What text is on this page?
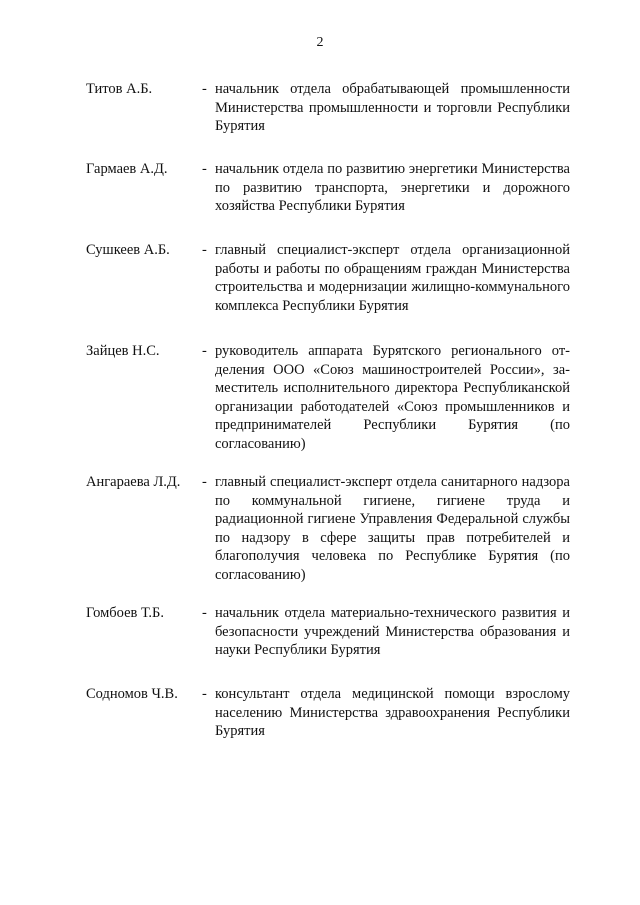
2
Титов А.Б.	- начальник отдела обрабатывающей промышленности Министерства промышленности и торговли Республики Бурятия
Гармаев А.Д.	- начальник отдела по развитию энергетики Министерства по развитию транспорта, энергетики и дорожного хозяйства Республики Бурятия
Сушкеев А.Б.	- главный специалист-эксперт отдела организационной работы и работы по обращениям граждан Министерства строительства и модернизации жилищно-коммунального комплекса Республики Бурятия
Зайцев Н.С.	- руководитель аппарата Бурятского регионального отделения ООО «Союз машиностроителей России», заместитель исполнительного директора Республиканской организации работодателей «Союз промышленников и предпринимателей Республики Бурятия (по согласованию)
Ангараева Л.Д.	- главный специалист-эксперт отдела санитарного надзора по коммунальной гигиене, гигиене труда и радиационной гигиене Управления Федеральной службы по надзору в сфере защиты прав потребителей и благополучия человека по Республике Бурятия (по согласованию)
Гомбоев Т.Б.	- начальник отдела материально-технического развития и безопасности учреждений Министерства образования и науки Республики Бурятия
Содномов Ч.В.	- консультант отдела медицинской помощи взрослому населению Министерства здравоохранения Республики Бурятия
